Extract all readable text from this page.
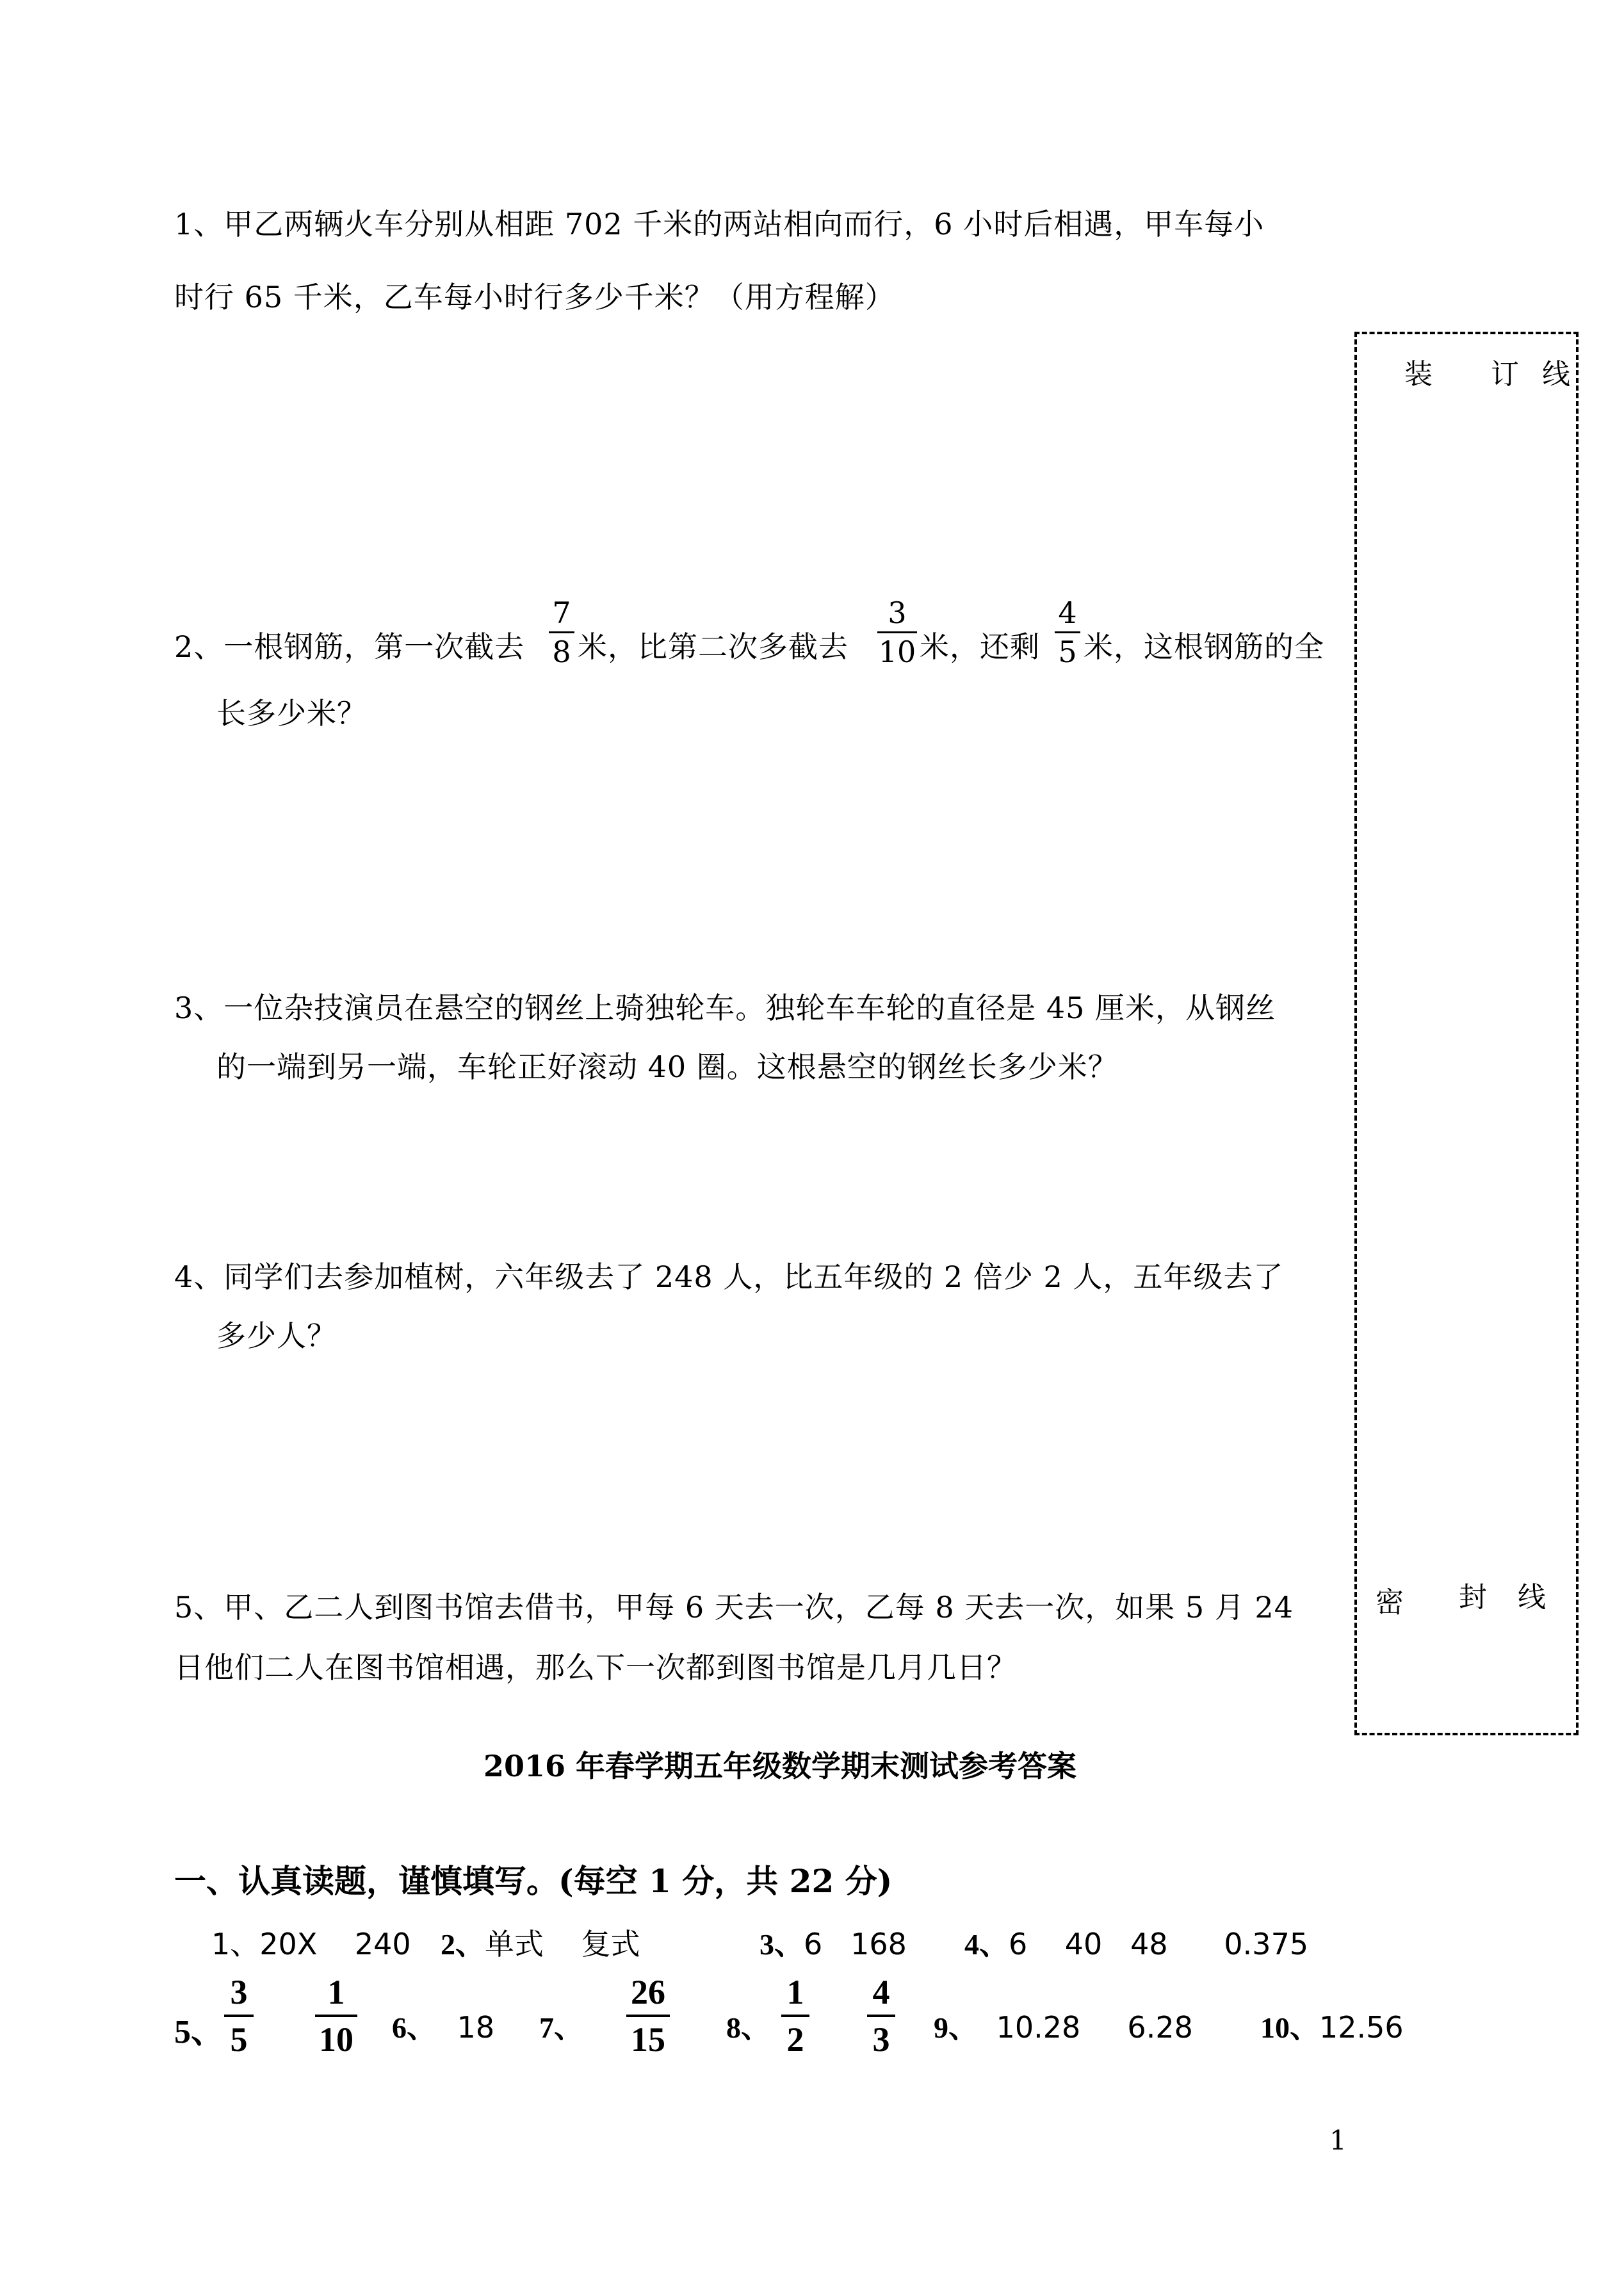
1、甲乙两辆火车分别从相距 702 千米的两站相向而行，6 小时后相遇，甲车每小
时行 65 千米，乙车每小时行多少千米？（用方程解）
2、一根钢筋，第一次截去
7
8 米，比第二次多截去
3
10 米，还剩
4
5 米，这根钢筋的全
长多少米？
3、一位杂技演员在悬空的钢丝上骑独轮车。独轮车车轮的直径是 45 厘米，从钢丝
的一端到另一端，车轮正好滚动 40 圈。这根悬空的钢丝长多少米？
4、同学们去参加植树，六年级去了 248 人，比五年级的 2 倍少 2 人，五年级去了
多少人？
5、甲、乙二人到图书馆去借书，甲每 6 天去一次，乙每 8 天去一次，如果 5 月 24
日他们二人在图书馆相遇，那么下一次都到图书馆是几月几日？
装 订 线
密 封 线
2016 年春学期五年级数学期末测试参考答案
一、认真读题，谨慎填写。(每空 1 分，共 22 分)
1、20X    240 2、单式    复式	3、6   168 4、6    40   48      0.375
5、
3
5
1
10 6、 18 7、
26
15 8、
1
2
4
3 9、 10.28     6.28 10、12.56
1
